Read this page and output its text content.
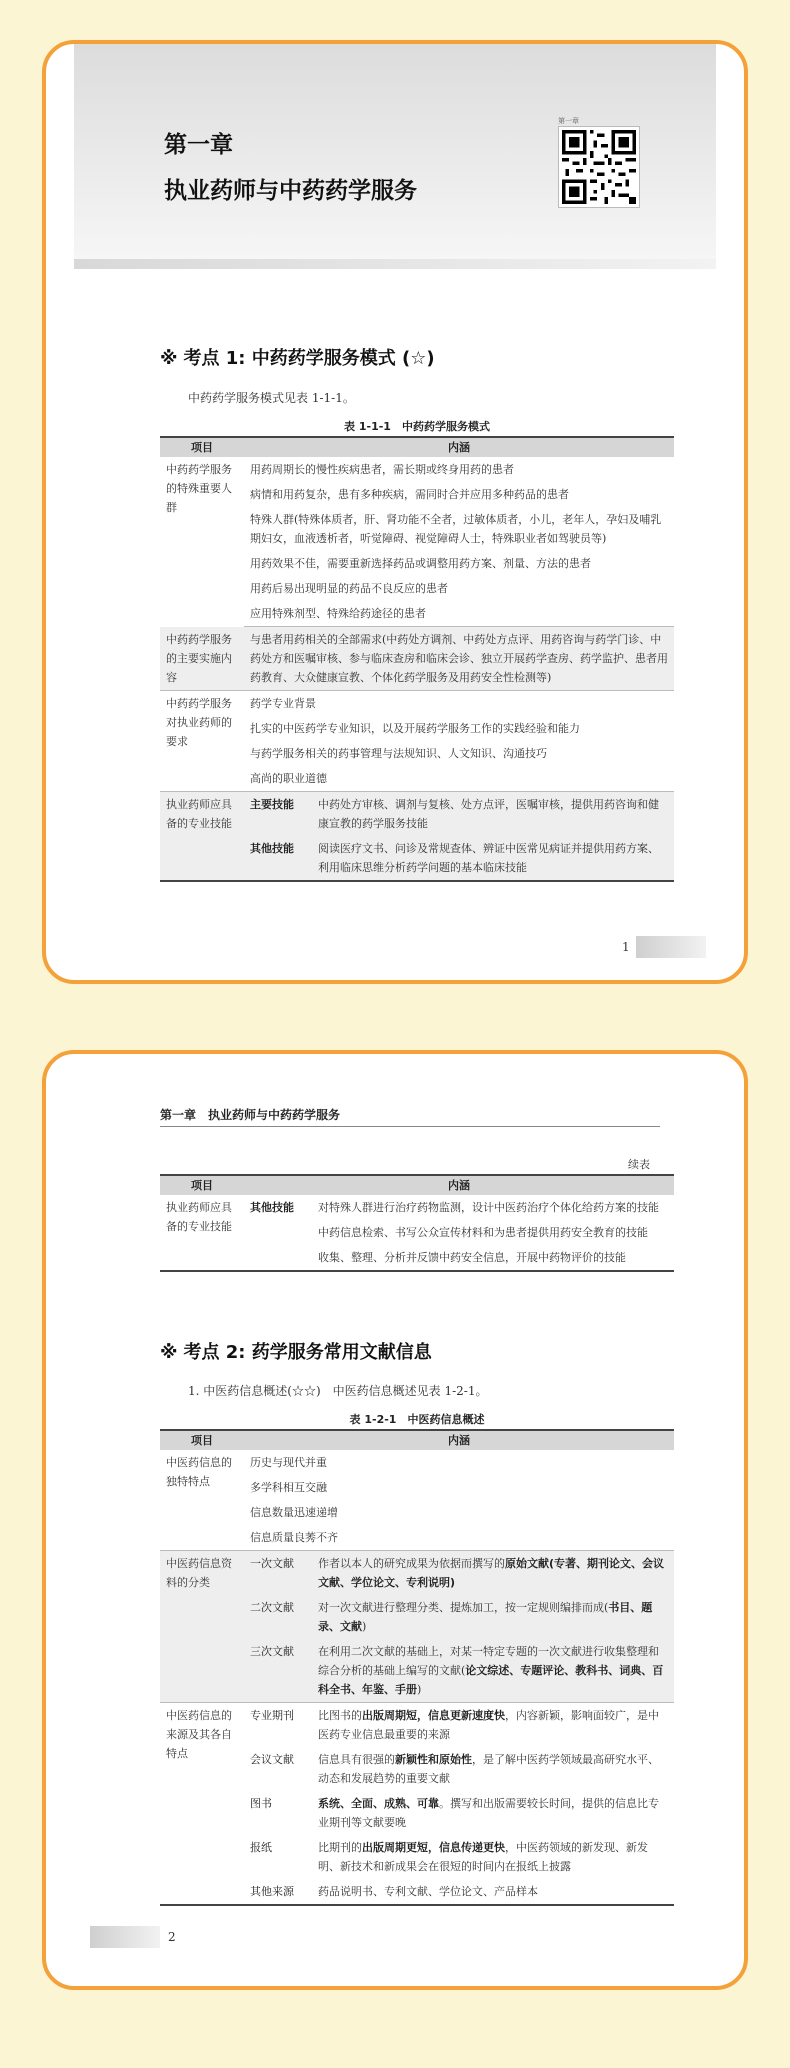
第一章
执业药师与中药药学服务
第一章
※ 考点 1: 中药药学服务模式 (☆)
中药药学服务模式见表 1-1-1。
表 1-1-1　中药药学服务模式
项目	内涵	
中药药学服务的特殊重要人群	用药周期长的慢性疾病患者，需长期或终身用药的患者	
	病情和用药复杂，患有多种疾病，需同时合并应用多种药品的患者	
	特殊人群(特殊体质者，肝、肾功能不全者，过敏体质者，小儿，老年人，孕妇及哺乳期妇女，血液透析者，听觉障碍、视觉障碍人士，特殊职业者如驾驶员等)	
	用药效果不佳，需要重新选择药品或调整用药方案、剂量、方法的患者	
	用药后易出现明显的药品不良反应的患者	
	应用特殊剂型、特殊给药途径的患者	
中药药学服务的主要实施内容	与患者用药相关的全部需求(中药处方调剂、中药处方点评、用药咨询与药学门诊、中药处方和医嘱审核、参与临床查房和临床会诊、独立开展药学查房、药学监护、患者用药教育、大众健康宣教、个体化药学服务及用药安全性检测等)	
中药药学服务对执业药师的要求	药学专业背景	
	扎实的中医药学专业知识，以及开展药学服务工作的实践经验和能力	
	与药学服务相关的药事管理与法规知识、人文知识、沟通技巧	
	高尚的职业道德	
执业药师应具备的专业技能	主要技能	中药处方审核、调剂与复核、处方点评，医嘱审核，提供用药咨询和健康宣教的药学服务技能
	其他技能	阅读医疗文书、问诊及常规查体、辨证中医常见病证并提供用药方案、利用临床思维分析药学问题的基本临床技能
1
第一章　执业药师与中药药学服务
续表
项目	内涵	
执业药师应具备的专业技能	其他技能	对特殊人群进行治疗药物监测，设计中医药治疗个体化给药方案的技能
		中药信息检索、书写公众宣传材料和为患者提供用药安全教育的技能
		收集、整理、分析并反馈中药安全信息，开展中药物评价的技能
※ 考点 2: 药学服务常用文献信息
1. 中医药信息概述(☆☆)　中医药信息概述见表 1-2-1。
表 1-2-1　中医药信息概述
项目	内涵	
中医药信息的独特特点	历史与现代并重	
	多学科相互交融	
	信息数量迅速递增	
	信息质量良莠不齐	
中医药信息资料的分类	一次文献	作者以本人的研究成果为依据而撰写的原始文献(专著、期刊论文、会议文献、学位论文、专利说明)
	二次文献	对一次文献进行整理分类、提炼加工，按一定规则编排而成(书目、题录、文献)
	三次文献	在利用二次文献的基础上，对某一特定专题的一次文献进行收集整理和综合分析的基础上编写的文献(论文综述、专题评论、教科书、词典、百科全书、年鉴、手册)
中医药信息的来源及其各自特点	专业期刊	比图书的出版周期短，信息更新速度快，内容新颖，影响面较广，是中医药专业信息最重要的来源
	会议文献	信息具有很强的新颖性和原始性，是了解中医药学领域最高研究水平、动态和发展趋势的重要文献
	图书	系统、全面、成熟、可靠。撰写和出版需要较长时间，提供的信息比专业期刊等文献要晚
	报纸	比期刊的出版周期更短，信息传递更快，中医药领域的新发现、新发明、新技术和新成果会在很短的时间内在报纸上披露
	其他来源	药品说明书、专利文献、学位论文、产品样本
2
